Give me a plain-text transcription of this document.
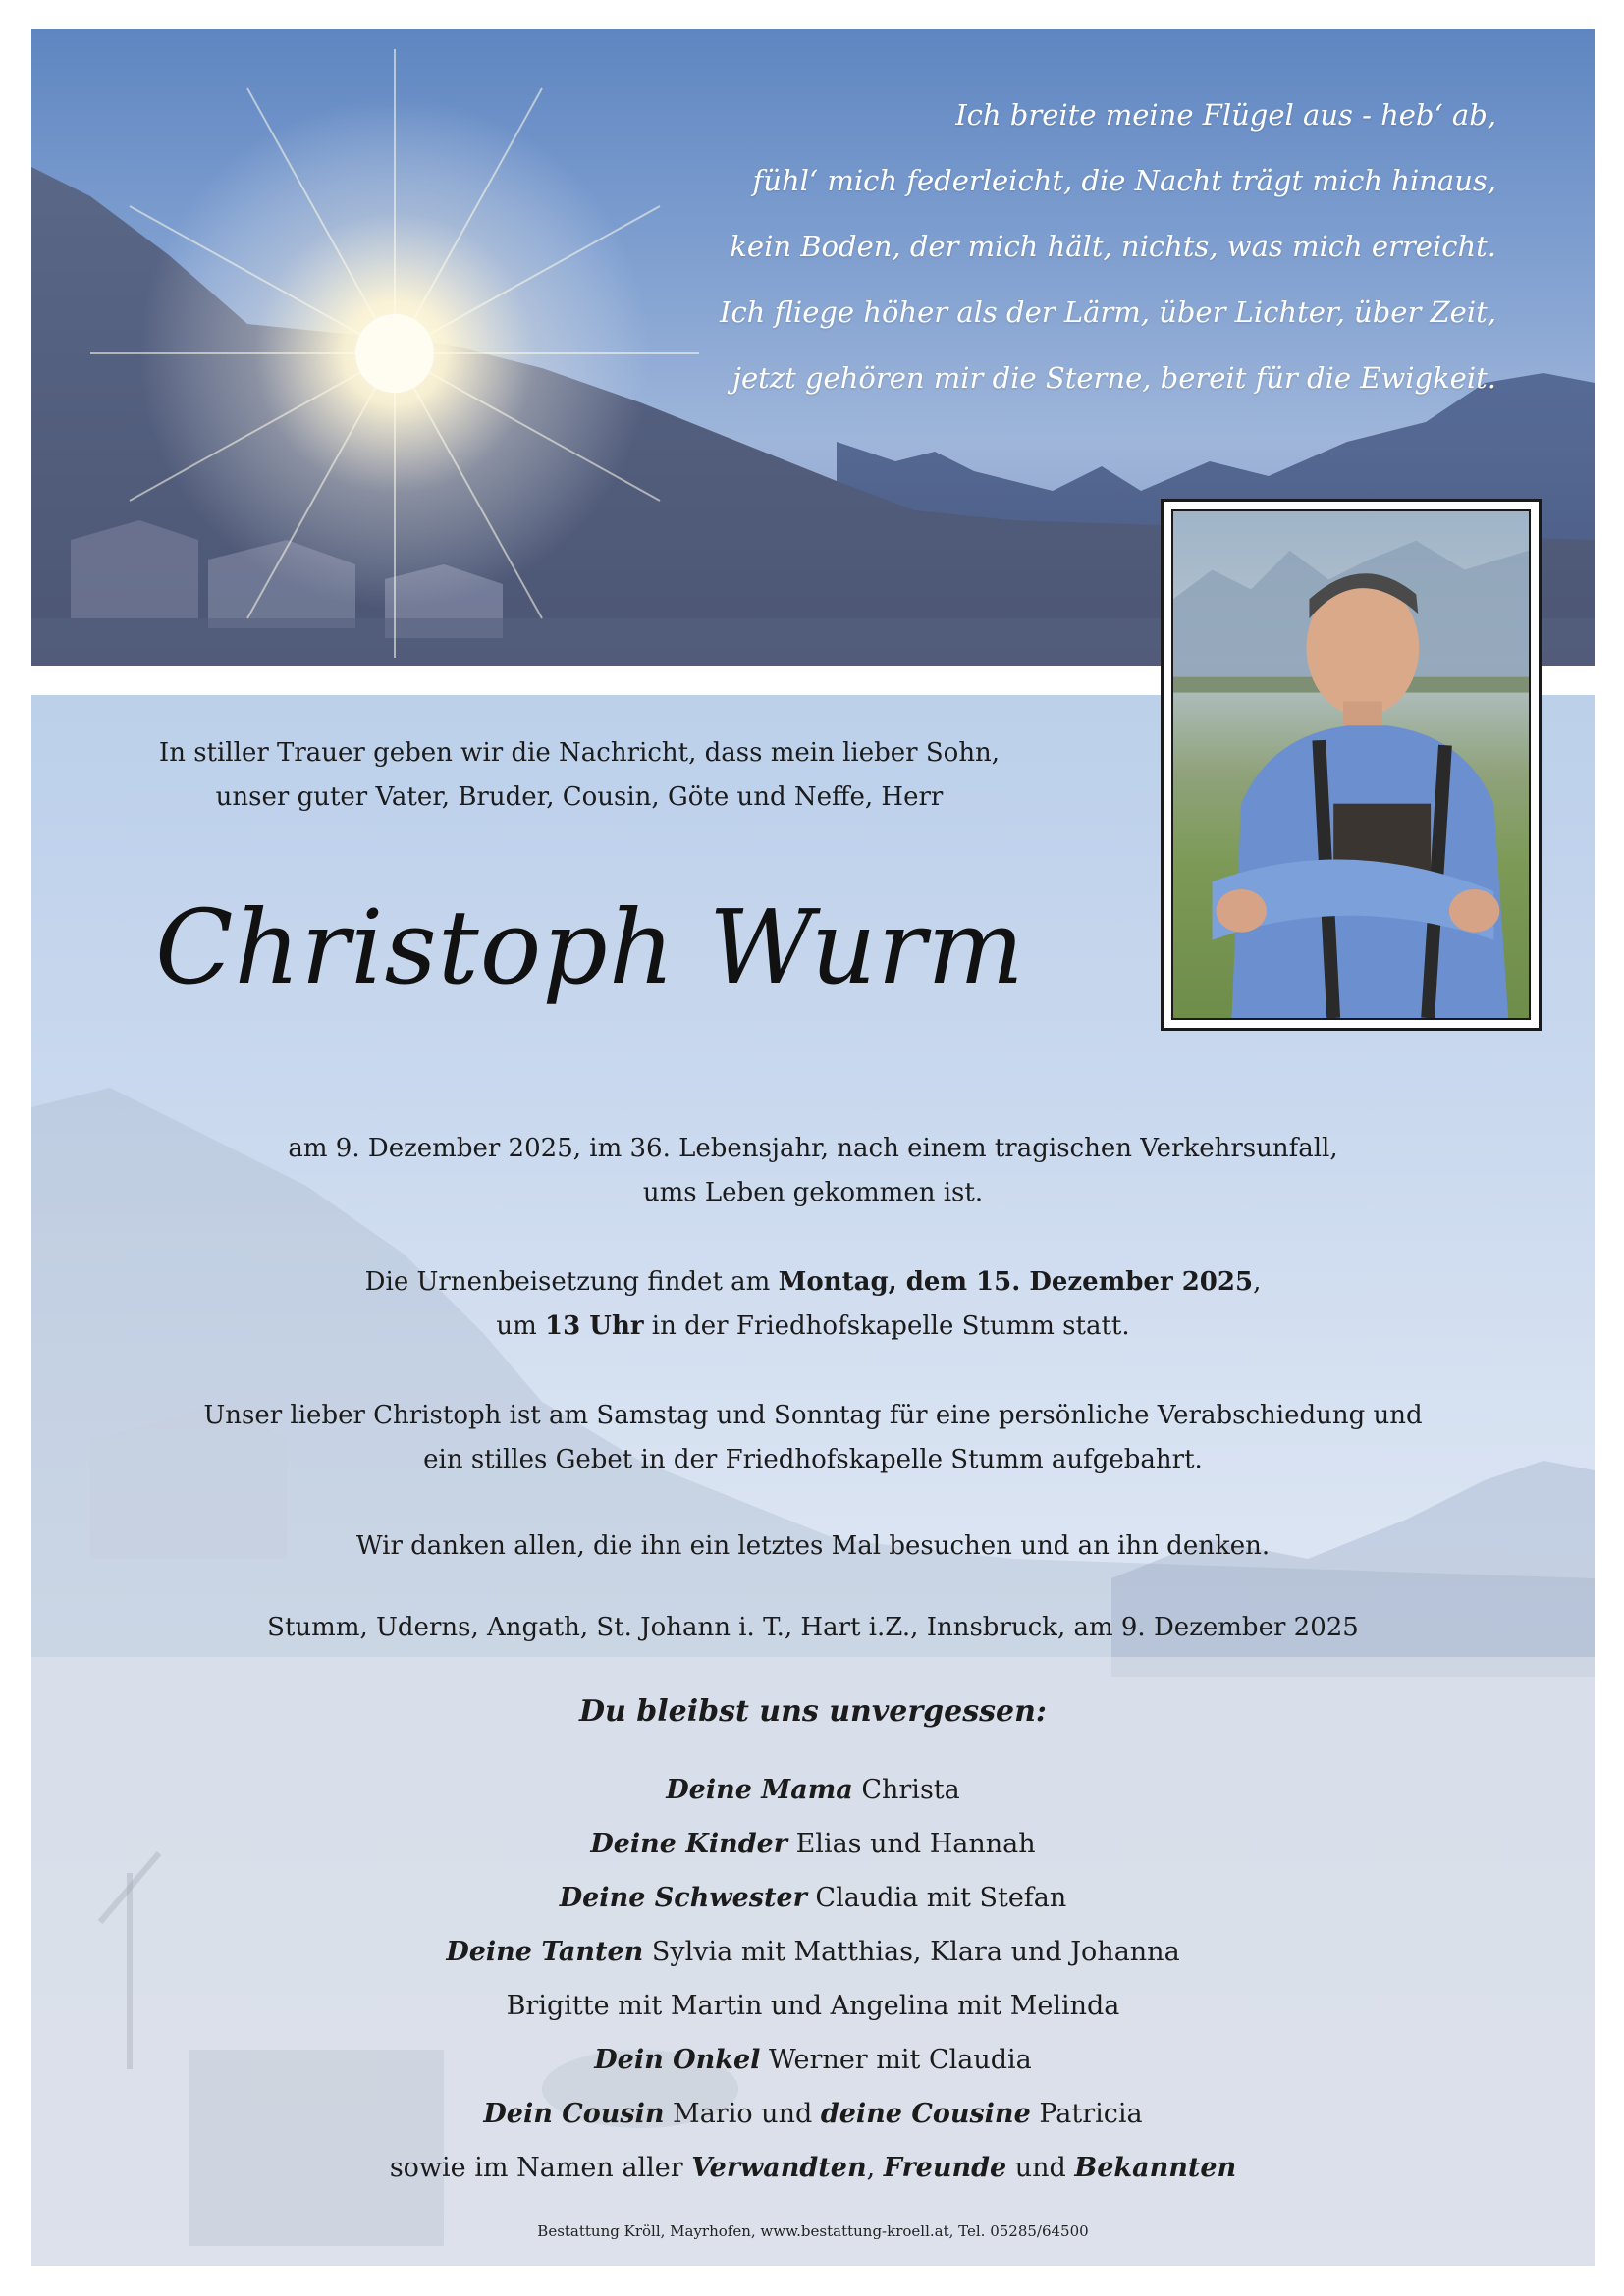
Ich breite meine Flügel aus - heb‘ ab,
fühl‘ mich federleicht, die Nacht trägt mich hinaus,
kein Boden, der mich hält, nichts, was mich erreicht.
Ich fliege höher als der Lärm, über Lichter, über Zeit,
jetzt gehören mir die Sterne, bereit für die Ewigkeit.
In stiller Trauer geben wir die Nachricht, dass mein lieber Sohn,
unser guter Vater, Bruder, Cousin, Göte und Neffe, Herr
Christoph Wurm
am 9. Dezember 2025, im 36. Lebensjahr, nach einem tragischen Verkehrsunfall,
ums Leben gekommen ist.
Die Urnenbeisetzung findet am Montag, dem 15. Dezember 2025,
um 13 Uhr in der Friedhofskapelle Stumm statt.
Unser lieber Christoph ist am Samstag und Sonntag für eine persönliche Verabschiedung und
ein stilles Gebet in der Friedhofskapelle Stumm aufgebahrt.
Wir danken allen, die ihn ein letztes Mal besuchen und an ihn denken.
Stumm, Uderns, Angath, St. Johann i. T., Hart i.Z., Innsbruck, am 9. Dezember 2025
Du bleibst uns unvergessen:
Deine Mama Christa
Deine Kinder Elias und Hannah
Deine Schwester Claudia mit Stefan
Deine Tanten Sylvia mit Matthias, Klara und Johanna
Brigitte mit Martin und Angelina mit Melinda
Dein Onkel Werner mit Claudia
Dein Cousin Mario und deine Cousine Patricia
sowie im Namen aller Verwandten, Freunde und Bekannten
Bestattung Kröll, Mayrhofen, www.bestattung-kroell.at, Tel. 05285/64500
